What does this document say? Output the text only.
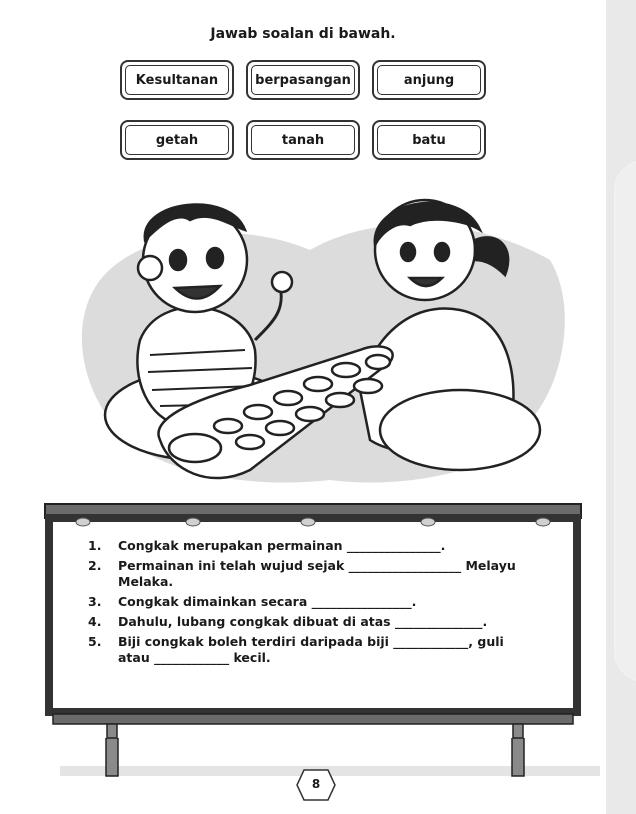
Jawab soalan di bawah.
Kesultanan	berpasangan	anjung
getah	tanah	batu
1.	Congkak merupakan permainan _______________.
2.	Permainan ini telah wujud sejak __________________ Melayu Melaka.
3.	Congkak dimainkan secara ________________.
4.	Dahulu, lubang congkak dibuat di atas ______________.
5.	Biji congkak boleh terdiri daripada biji ____________, guli atau ____________ kecil.
8
